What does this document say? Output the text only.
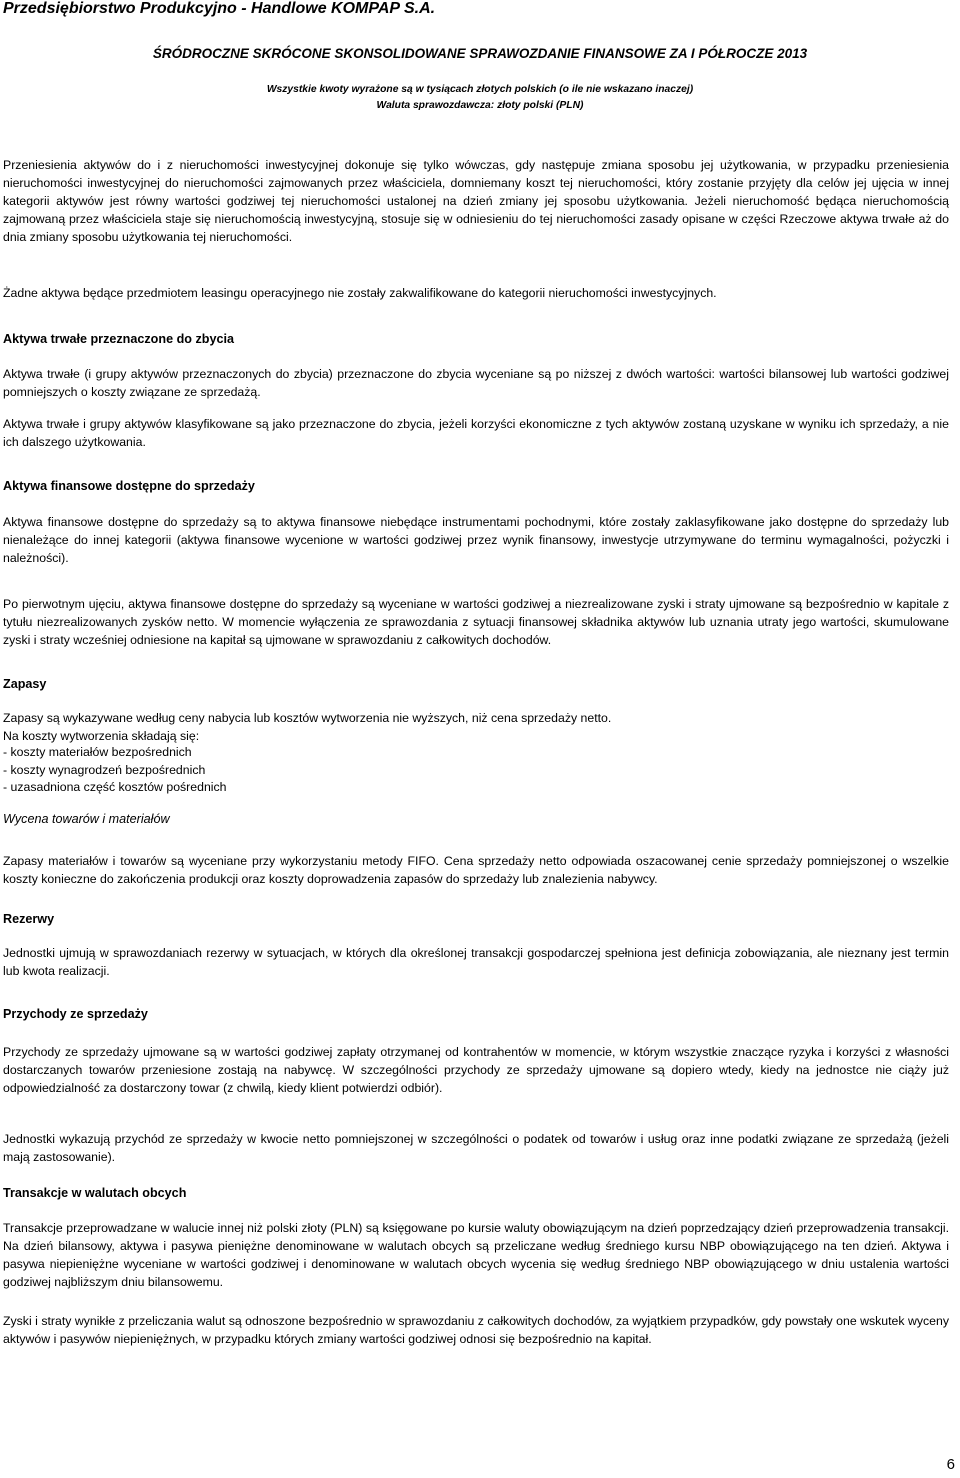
Przedsiębiorstwo Produkcyjno - Handlowe KOMPAP S.A.
ŚRÓDROCZNE SKRÓCONE SKONSOLIDOWANE SPRAWOZDANIE FINANSOWE ZA I PÓŁROCZE 2013
Wszystkie kwoty wyrażone są w tysiącach złotych polskich (o ile nie wskazano inaczej)
Waluta sprawozdawcza: złoty polski (PLN)
Przeniesienia aktywów do i z nieruchomości inwestycyjnej dokonuje się tylko wówczas, gdy następuje zmiana sposobu jej użytkowania, w przypadku przeniesienia nieruchomości inwestycyjnej do nieruchomości zajmowanych przez właściciela, domniemany koszt tej nieruchomości, który zostanie przyjęty dla celów jej ujęcia w innej kategorii aktywów jest równy wartości godziwej tej nieruchomości ustalonej na dzień zmiany jej sposobu użytkowania. Jeżeli nieruchomość będąca nieruchomością zajmowaną przez właściciela staje się nieruchomością inwestycyjną, stosuje się w odniesieniu do tej nieruchomości zasady opisane w części Rzeczowe aktywa trwałe aż do dnia zmiany sposobu użytkowania tej nieruchomości.
Żadne aktywa będące przedmiotem leasingu operacyjnego nie zostały zakwalifikowane do kategorii nieruchomości inwestycyjnych.
Aktywa trwałe przeznaczone do zbycia
Aktywa trwałe (i grupy aktywów przeznaczonych do zbycia) przeznaczone do zbycia wyceniane są po niższej z dwóch wartości: wartości bilansowej lub wartości godziwej pomniejszych o koszty związane ze sprzedażą.
Aktywa trwałe i grupy aktywów klasyfikowane są jako przeznaczone do zbycia, jeżeli korzyści ekonomiczne z tych aktywów zostaną uzyskane w wyniku ich sprzedaży, a nie ich dalszego użytkowania.
Aktywa finansowe dostępne do sprzedaży
Aktywa finansowe dostępne do sprzedaży są to aktywa finansowe niebędące instrumentami pochodnymi, które zostały zaklasyfikowane jako dostępne do sprzedaży lub nienależące do innej kategorii (aktywa finansowe wycenione w wartości godziwej przez wynik finansowy, inwestycje utrzymywane do terminu wymagalności, pożyczki i należności).
Po pierwotnym ujęciu, aktywa finansowe dostępne do sprzedaży są wyceniane w wartości godziwej a niezrealizowane zyski i straty ujmowane są bezpośrednio w kapitale z tytułu niezrealizowanych zysków netto. W momencie wyłączenia ze sprawozdania z sytuacji finansowej składnika aktywów lub uznania utraty jego wartości, skumulowane zyski i straty wcześniej odniesione na kapitał są ujmowane w sprawozdaniu z całkowitych dochodów.
Zapasy
Zapasy są wykazywane według ceny nabycia lub kosztów wytworzenia nie wyższych, niż cena sprzedaży netto.
Na koszty wytworzenia składają się:
- koszty materiałów bezpośrednich
- koszty wynagrodzeń bezpośrednich
- uzasadniona część kosztów pośrednich
Wycena towarów i materiałów
Zapasy materiałów i towarów są wyceniane przy wykorzystaniu metody FIFO. Cena sprzedaży netto odpowiada oszacowanej cenie sprzedaży pomniejszonej o wszelkie koszty konieczne do zakończenia produkcji oraz koszty doprowadzenia zapasów do sprzedaży lub znalezienia nabywcy.
Rezerwy
Jednostki ujmują w sprawozdaniach rezerwy w sytuacjach, w których dla określonej transakcji gospodarczej spełniona jest definicja zobowiązania, ale nieznany jest termin lub kwota realizacji.
Przychody ze sprzedaży
Przychody ze sprzedaży ujmowane są w wartości godziwej zapłaty otrzymanej od kontrahentów w momencie, w którym wszystkie znaczące ryzyka i korzyści z własności dostarczanych towarów przeniesione zostają na nabywcę. W szczególności przychody ze sprzedaży ujmowane są dopiero wtedy, kiedy na jednostce nie ciąży już odpowiedzialność za dostarczony towar (z chwilą, kiedy klient potwierdzi odbiór).
Jednostki wykazują przychód ze sprzedaży w kwocie netto pomniejszonej w szczególności o podatek od towarów i usług oraz inne podatki związane ze sprzedażą (jeżeli mają zastosowanie).
Transakcje w walutach obcych
Transakcje przeprowadzane w walucie innej niż polski złoty (PLN) są księgowane po kursie waluty obowiązującym na dzień poprzedzający dzień przeprowadzenia transakcji. Na dzień bilansowy, aktywa i pasywa pieniężne denominowane w walutach obcych są przeliczane według średniego kursu NBP obowiązującego na ten dzień. Aktywa i pasywa niepieniężne wyceniane w wartości godziwej i denominowane w walutach obcych wycenia się według średniego NBP obowiązującego w dniu ustalenia wartości godziwej najbliższym dniu bilansowemu.
Zyski i straty wynikłe z przeliczania walut są odnoszone bezpośrednio w sprawozdaniu z całkowitych dochodów, za wyjątkiem przypadków, gdy powstały one wskutek wyceny aktywów i pasywów niepieniężnych, w przypadku których zmiany wartości godziwej odnosi się bezpośrednio na kapitał.
6
